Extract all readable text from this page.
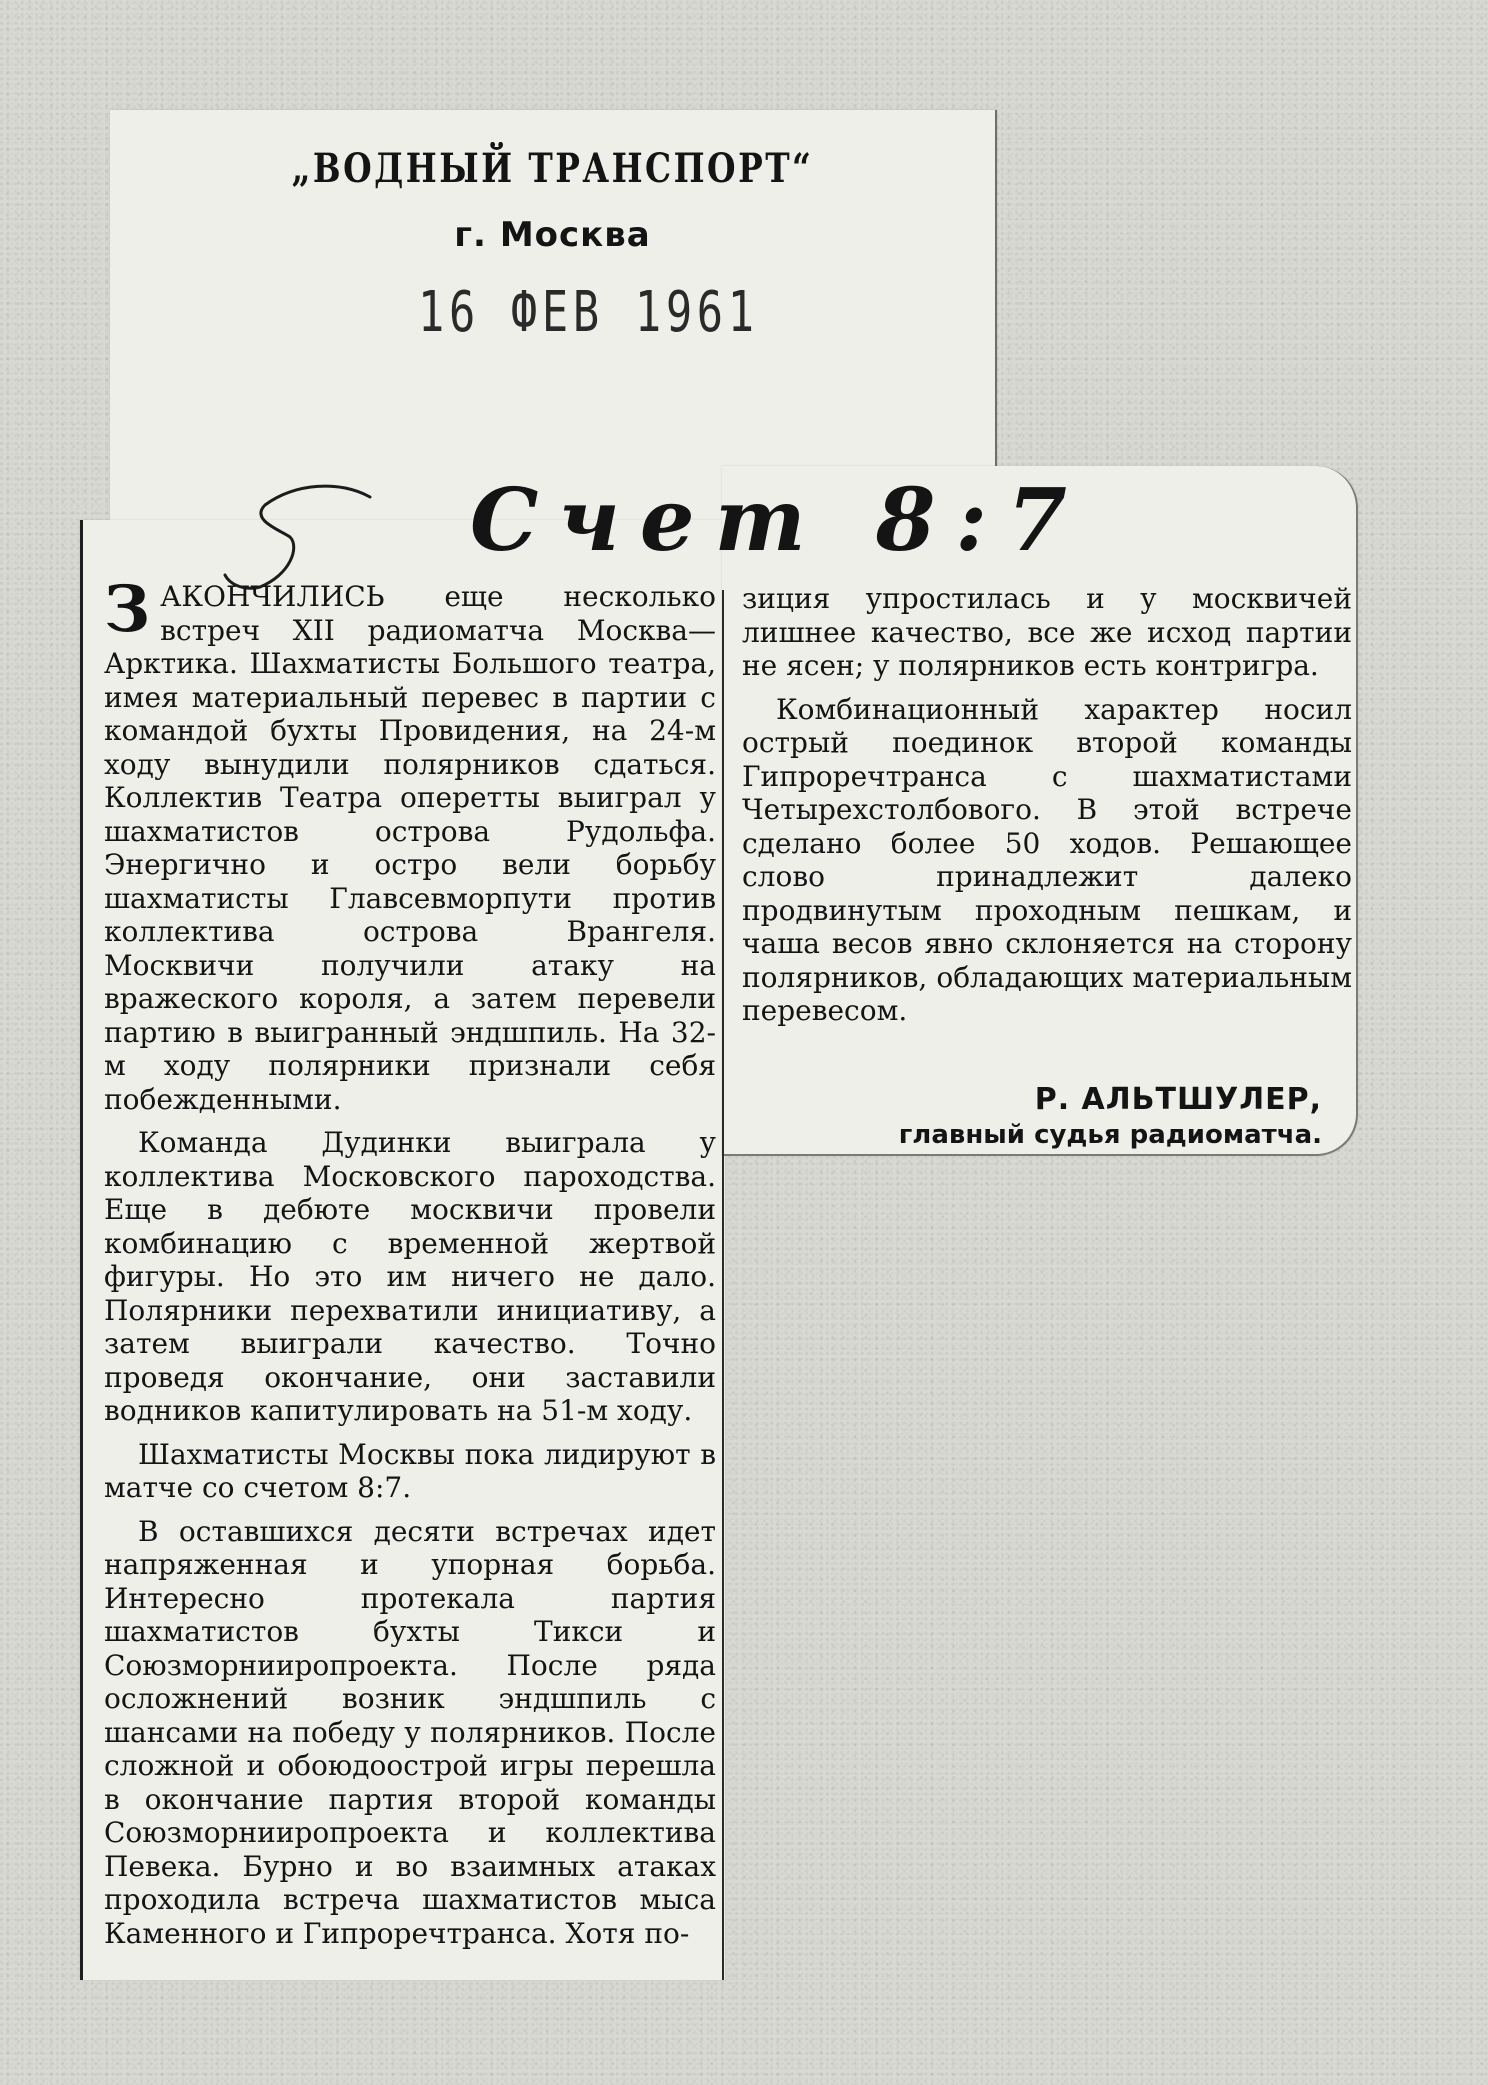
„ВОДНЫЙ ТРАНСПОРТ“

г. Москва

16 ФЕВ 1961

Счет 8:7

ЗАКОНЧИЛИСЬ еще несколько встреч XII радиоматча Москва—Арктика. Шахматисты Большого театра, имея материальный перевес в партии с командой бухты Провидения, на 24-м ходу вынудили полярников сдаться. Коллектив Театра оперетты выиграл у шахматистов острова Рудольфа. Энергично и остро вели борьбу шахматисты Главсевморпути против коллектива острова Врангеля. Москвичи получили атаку на вражеского короля, а затем перевели партию в выигранный эндшпиль. На 32-м ходу полярники признали себя побежденными.

Команда Дудинки выиграла у коллектива Московского пароходства. Еще в дебюте москвичи провели комбинацию с временной жертвой фигуры. Но это им ничего не дало. Полярники перехватили инициативу, а затем выиграли качество. Точно проведя окончание, они заставили водников капитулировать на 51-м ходу.

Шахматисты Москвы пока лидируют в матче со счетом 8:7.

В оставшихся десяти встречах идет напряженная и упорная борьба. Интересно протекала партия шахматистов бухты Тикси и Союзморнииропроекта. После ряда осложнений возник эндшпиль с шансами на победу у полярников. После сложной и обоюдоострой игры перешла в окончание партия второй команды Союзморнииропроекта и коллектива Певека. Бурно и во взаимных атаках проходила встреча шахматистов мыса Каменного и Гипроречтранса. Хотя по-

зиция упростилась и у москвичей лишнее качество, все же исход партии не ясен; у полярников есть контригра.

Комбинационный характер носил острый поединок второй команды Гипроречтранса с шахматистами Четырехстолбового. В этой встрече сделано более 50 ходов. Решающее слово принадлежит далеко продвинутым проходным пешкам, и чаша весов явно склоняется на сторону полярников, обладающих материальным перевесом.

Р. АЛЬТШУЛЕР,

главный судья радиоматча.
